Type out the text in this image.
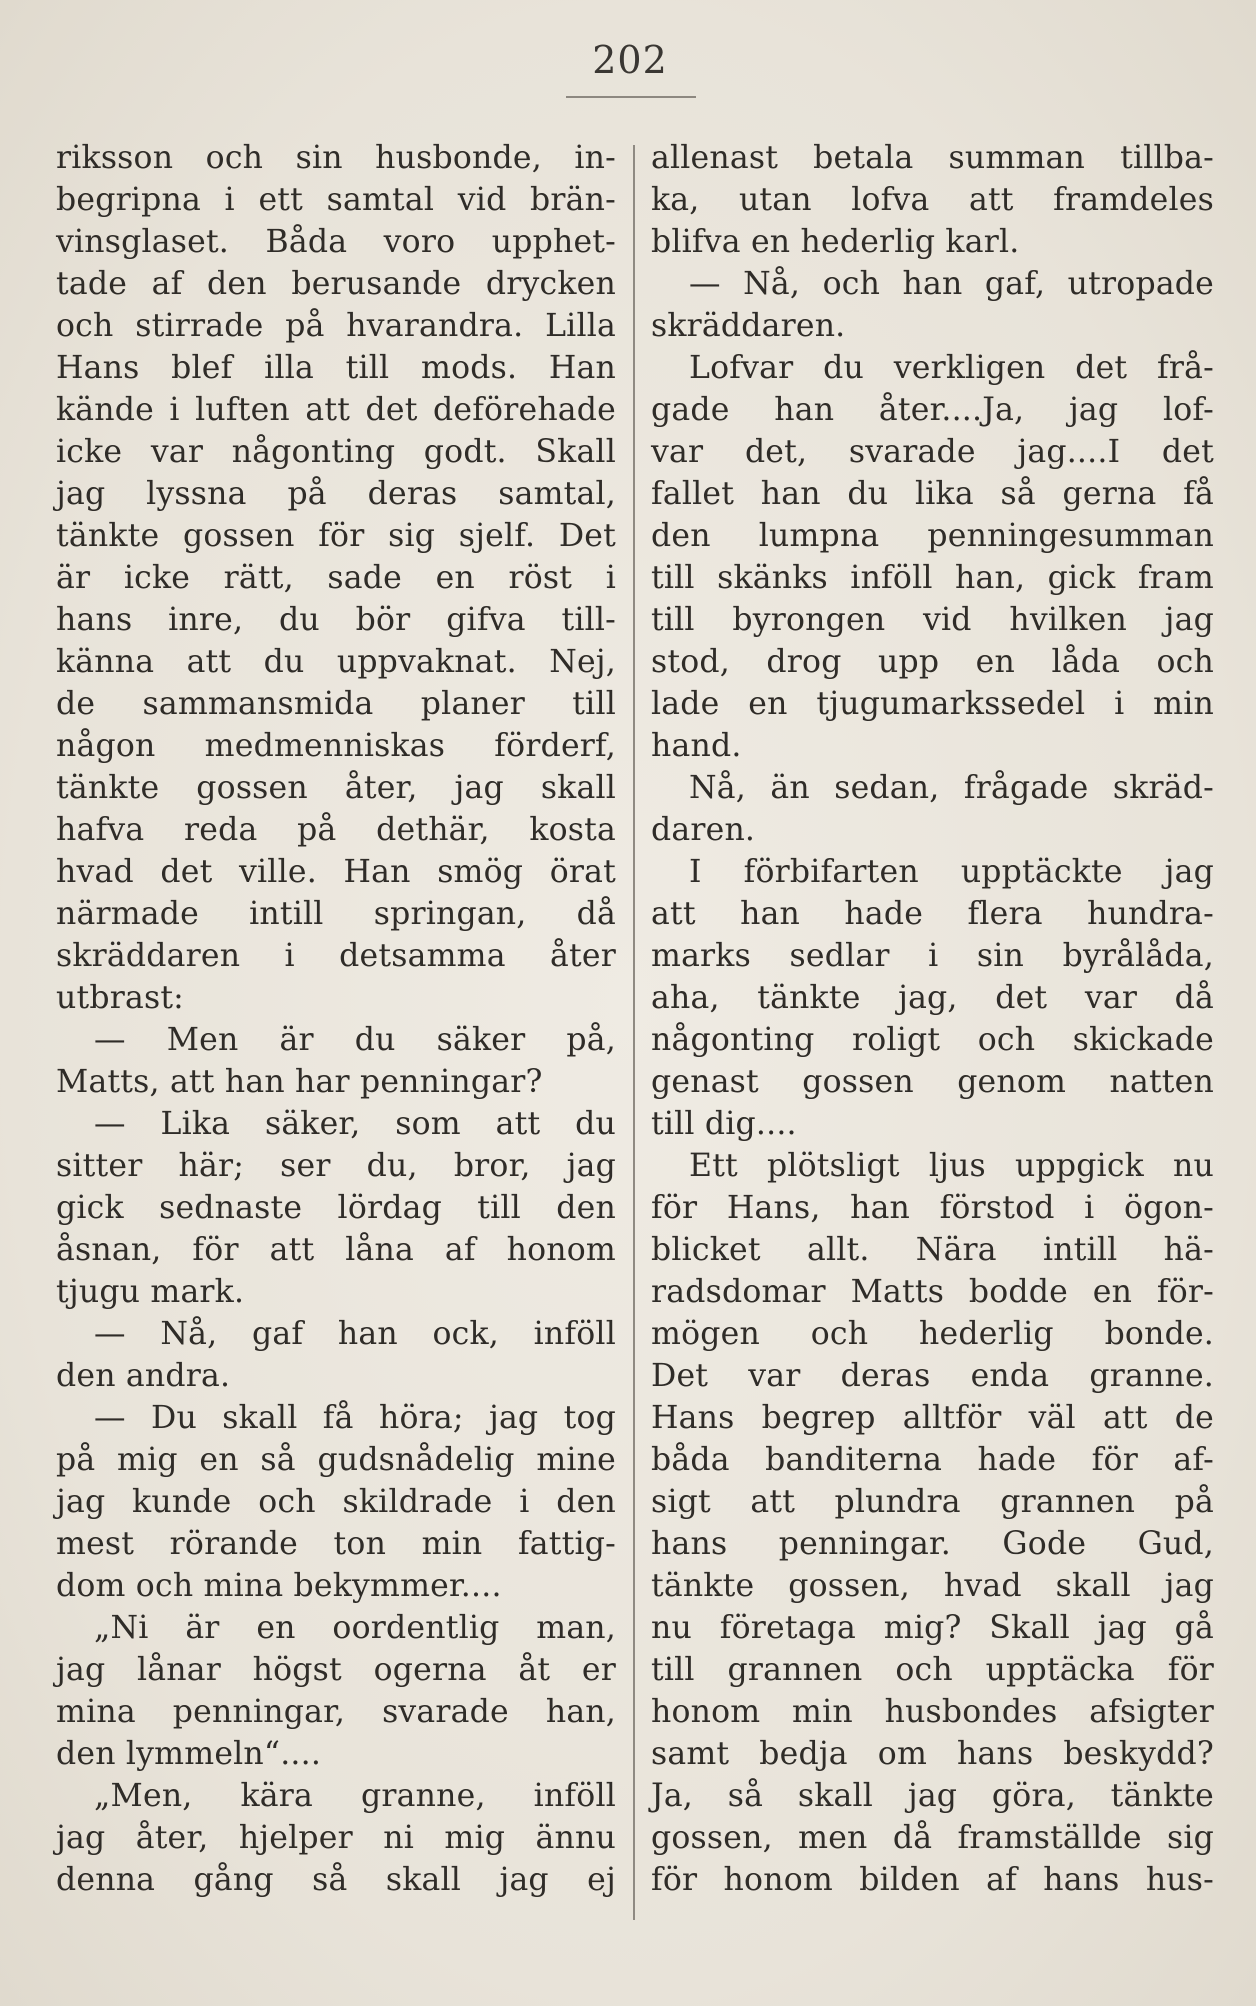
202
riksson och sin husbonde, in-
begripna i ett samtal vid brän-
vinsglaset. Båda voro upphet-
tade af den berusande drycken
och stirrade på hvarandra. Lilla
Hans blef illa till mods. Han
kände i luften att det deförehade
icke var någonting godt. Skall
jag lyssna på deras samtal,
tänkte gossen för sig sjelf. Det
är icke rätt, sade en röst i
hans inre, du bör gifva till-
känna att du uppvaknat. Nej,
de sammansmida planer till
någon medmenniskas förderf,
tänkte gossen åter, jag skall
hafva reda på dethär, kosta
hvad det ville. Han smög örat
närmade intill springan, då
skräddaren i detsamma åter
utbrast:
— Men är du säker på,
Matts, att han har penningar?
— Lika säker, som att du
sitter här; ser du, bror, jag
gick sednaste lördag till den
åsnan, för att låna af honom
tjugu mark.
— Nå, gaf han ock, inföll
den andra.
— Du skall få höra; jag tog
på mig en så gudsnådelig mine
jag kunde och skildrade i den
mest rörande ton min fattig-
dom och mina bekymmer....
„Ni är en oordentlig man,
jag lånar högst ogerna åt er
mina penningar, svarade han,
den lymmeln“....
„Men, kära granne, inföll
jag åter, hjelper ni mig ännu
denna gång så skall jag ej
allenast betala summan tillba-
ka, utan lofva att framdeles
blifva en hederlig karl.
— Nå, och han gaf, utropade
skräddaren.
Lofvar du verkligen det frå-
gade han åter....Ja, jag lof-
var det, svarade jag....I det
fallet han du lika så gerna få
den lumpna penningesumman
till skänks inföll han, gick fram
till byrongen vid hvilken jag
stod, drog upp en låda och
lade en tjugumarkssedel i min
hand.
Nå, än sedan, frågade skräd-
daren.
I förbifarten upptäckte jag
att han hade flera hundra-
marks sedlar i sin byrålåda,
aha, tänkte jag, det var då
någonting roligt och skickade
genast gossen genom natten
till dig....
Ett plötsligt ljus uppgick nu
för Hans, han förstod i ögon-
blicket allt. Nära intill hä-
radsdomar Matts bodde en för-
mögen och hederlig bonde.
Det var deras enda granne.
Hans begrep alltför väl att de
båda banditerna hade för af-
sigt att plundra grannen på
hans penningar. Gode Gud,
tänkte gossen, hvad skall jag
nu företaga mig? Skall jag gå
till grannen och upptäcka för
honom min husbondes afsigter
samt bedja om hans beskydd?
Ja, så skall jag göra, tänkte
gossen, men då framställde sig
för honom bilden af hans hus-
